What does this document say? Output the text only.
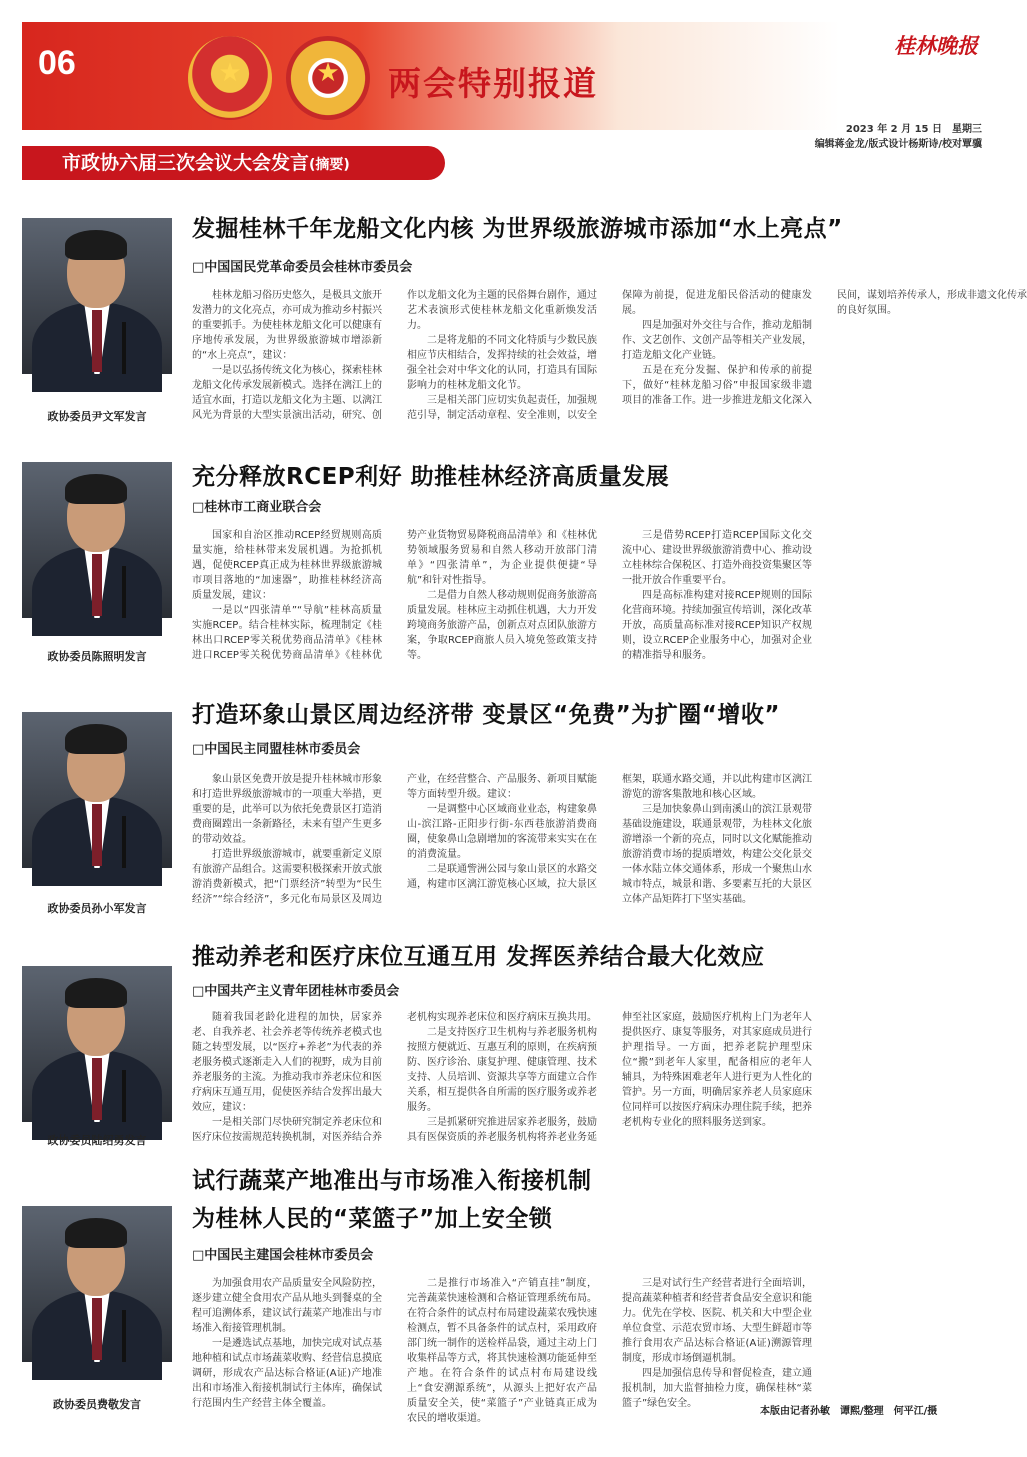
06	★	★	两会特别报道
桂林晚报
2023 年 2 月 15 日　星期三
编辑蒋金龙/版式设计杨斯诗/校对覃骥
市政协六届三次会议大会发言(摘要)
政协委员尹文军发言
发掘桂林千年龙船文化内核 为世界级旅游城市添加“水上亮点”
□中国国民党革命委员会桂林市委员会

桂林龙船习俗历史悠久，是极具文旅开发潜力的文化亮点，亦可成为推动乡村振兴的重要抓手。为使桂林龙船文化可以健康有序地传承发展，为世界级旅游城市增添新的“水上亮点”，建议：

一是以弘扬传统文化为核心，探索桂林龙船文化传承发展新模式。选择在漓江上的适宜水面，打造以龙船文化为主题、以漓江风光为背景的大型实景演出活动，研究、创作以龙船文化为主题的民俗舞台剧作，通过艺术表演形式使桂林龙船文化重新焕发活力。

二是将龙船的不同文化特质与少数民族相应节庆相结合，发挥持续的社会效益，增强全社会对中华文化的认同，打造具有国际影响力的桂林龙船文化节。

三是相关部门应切实负起责任，加强规范引导，制定活动章程、安全准则，以安全保障为前提，促进龙船民俗活动的健康发展。

四是加强对外交往与合作，推动龙船制作、文艺创作、文创产品等相关产业发展，打造龙船文化产业链。

五是在充分发掘、保护和传承的前提下，做好“桂林龙船习俗”申报国家级非遗项目的准备工作。进一步推进龙船文化深入民间，谋划培养传承人，形成非遗文化传承的良好氛围。

政协委员陈照明发言
充分释放RCEP利好 助推桂林经济高质量发展
□桂林市工商业联合会

国家和自治区推动RCEP经贸规则高质量实施，给桂林带来发展机遇。为抢抓机遇，促使RCEP真正成为桂林世界级旅游城市项目落地的“加速器”，助推桂林经济高质量发展，建议：

一是以“四张清单”“导航”桂林高质量实施RCEP。结合桂林实际，梳理制定《桂林出口RCEP零关税优势商品清单》《桂林进口RCEP零关税优势商品清单》《桂林优势产业货物贸易降税商品清单》和《桂林优势领域服务贸易和自然人移动开放部门清单》“四张清单”，为企业提供便捷“导航”和针对性指导。

二是借力自然人移动规则促商务旅游高质量发展。桂林应主动抓住机遇，大力开发跨境商务旅游产品，创新点对点团队旅游方案，争取RCEP商旅人员入境免签政策支持等。

三是借势RCEP打造RCEP国际文化交流中心、建设世界级旅游消费中心、推动设立桂林综合保税区、打造外商投资集聚区等一批开放合作重要平台。

四是高标准构建对接RCEP规则的国际化营商环境。持续加强宣传培训，深化改革开放，高质量高标准对接RCEP知识产权规则，设立RCEP企业服务中心，加强对企业的精准指导和服务。

政协委员孙小军发言
打造环象山景区周边经济带 变景区“免费”为扩圈“增收”
□中国民主同盟桂林市委员会

象山景区免费开放是提升桂林城市形象和打造世界级旅游城市的一项重大举措，更重要的是，此举可以为依托免费景区打造消费商圈蹚出一条新路径，未来有望产生更多的带动效益。

打造世界级旅游城市，就要重新定义原有旅游产品组合。这需要积极探索开放式旅游消费新模式，把“门票经济”转型为“民生经济”“综合经济”，多元化布局景区及周边产业，在经营整合、产品服务、新项目赋能等方面转型升级。建议：

一是调整中心区域商业业态，构建象鼻山-滨江路-正阳步行街-东西巷旅游消费商圈，使象鼻山急剧增加的客流带来实实在在的消费流量。

二是联通訾洲公园与象山景区的水路交通，构建市区漓江游览核心区域，拉大景区框架，联通水路交通，并以此构建市区漓江游览的游客集散地和核心区域。

三是加快象鼻山到南溪山的滨江景观带基础设施建设，联通景观带，为桂林文化旅游增添一个新的亮点，同时以文化赋能推动旅游消费市场的提质增效，构建公交化景交一体水陆立体交通体系，形成一个聚焦山水城市特点，城景和谐、多要素互托的大景区立体产品矩阵打下坚实基础。

政协委员陆绍勇发言
推动养老和医疗床位互通互用 发挥医养结合最大化效应
□中国共产主义青年团桂林市委员会

随着我国老龄化进程的加快，居家养老、自我养老、社会养老等传统养老模式也随之转型发展，以“医疗+养老”为代表的养老服务模式逐渐走入人们的视野，成为目前养老服务的主流。为推动我市养老床位和医疗病床互通互用，促使医养结合发挥出最大效应，建议：

一是相关部门尽快研究制定养老床位和医疗床位按需规范转换机制，对医养结合养老机构实现养老床位和医疗病床互换共用。

二是支持医疗卫生机构与养老服务机构按照方便就近、互惠互利的原则，在疾病预防、医疗诊治、康复护理、健康管理、技术支持、人员培训、资源共享等方面建立合作关系，相互提供各自所需的医疗服务或养老服务。

三是抓紧研究推进居家养老服务，鼓励具有医保资质的养老服务机构将养老业务延伸至社区家庭，鼓励医疗机构上门为老年人提供医疗、康复等服务，对其家庭成员进行护理指导。一方面，把养老院护理型床位“搬”到老年人家里，配备相应的老年人辅具，为特殊困难老年人进行更为人性化的管护。另一方面，明确居家养老人员家庭床位同样可以按医疗病床办理住院手续，把养老机构专业化的照料服务送到家。

政协委员费敬发言
试行蔬菜产地准出与市场准入衔接机制
为桂林人民的“菜篮子”加上安全锁
□中国民主建国会桂林市委员会

为加强食用农产品质量安全风险防控，逐步建立健全食用农产品从地头到餐桌的全程可追溯体系，建议试行蔬菜产地准出与市场准入衔接管理机制。

一是遴选试点基地，加快完成对试点基地种植和试点市场蔬菜收购、经营信息摸底调研，形成农产品达标合格证(A证)产地准出和市场准入衔接机制试行主体库，确保试行范围内生产经营主体全覆盖。

二是推行市场准入“产销直挂”制度，完善蔬菜快速检测和合格证管理系统布局。在符合条件的试点村布局建设蔬菜农残快速检测点，暂不具备条件的试点村，采用政府部门统一制作的送检样品袋，通过主动上门收集样品等方式，将其快速检测功能延伸至产地。在符合条件的试点村布局建设线上“食安溯源系统”，从源头上把好农产品质量安全关，使“菜篮子”产业链真正成为农民的增收渠道。

三是对试行生产经营者进行全面培训，提高蔬菜种植者和经营者食品安全意识和能力。优先在学校、医院、机关和大中型企业单位食堂、示范农贸市场、大型生鲜超市等推行食用农产品达标合格证(A证)溯源管理制度，形成市场倒逼机制。

四是加强信息传导和督促检查，建立通报机制，加大监督抽检力度，确保桂林“菜篮子”绿色安全。

本版由记者孙敏　谭熙/整理　何平江/摄
